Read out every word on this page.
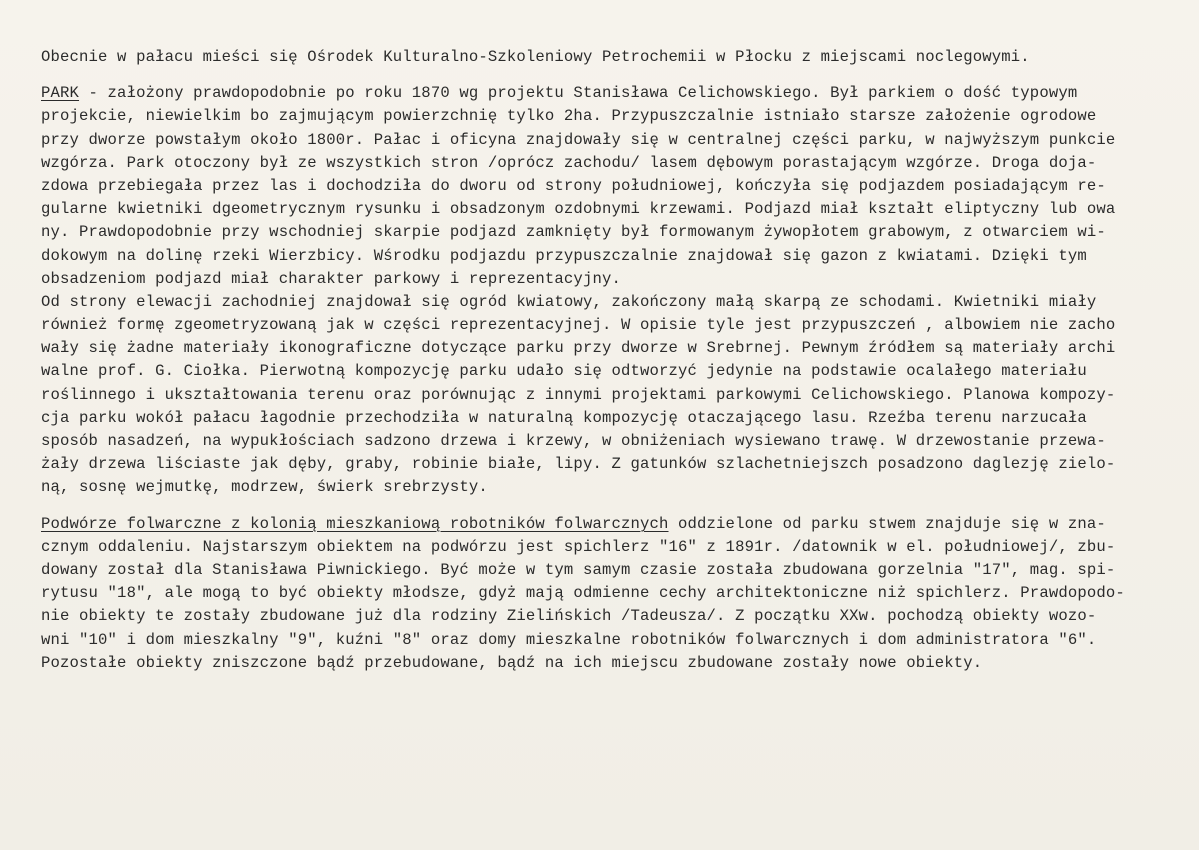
Obecnie w pałacu mieści się Ośrodek Kulturalno-Szkoleniowy Petrochemii w Płocku z miejscami noclegowymi.
PARK - założony prawdopodobnie po roku 1870 wg projektu Stanisława Celichowskiego. Był parkiem o dość typowym
projekcie, niewielkim bo zajmującym powierzchnię tylko 2ha. Przypuszczalnie istniało starsze założenie ogrodowe
przy dworze powstałym około 1800r. Pałac i oficyna znajdowały się w centralnej części parku, w najwyższym punkcie
wzgórza. Park otoczony był ze wszystkich stron /oprócz zachodu/ lasem dębowym porastającym wzgórze. Droga doja-
zdowa przebiegała przez las i dochodziła do dworu od strony południowej, kończyła się podjazdem posiadającym re-
gularne kwietniki dgeometrycznym rysunku i obsadzonym ozdobnymi krzewami. Podjazd miał kształt eliptyczny lub owa
ny. Prawdopodobnie przy wschodniej skarpie podjazd zamknięty był formowanym żywopłotem grabowym, z otwarciem wi-
dokowym na dolinę rzeki Wierzbicy. Wśrodku podjazdu przypuszczalnie znajdował się gazon z kwiatami. Dzięki tym
obsadzeniom podjazd miał charakter parkowy i reprezentacyjny.
Od strony elewacji zachodniej znajdował się ogród kwiatowy, zakończony małą skarpą ze schodami. Kwietniki miały
również formę zgeometryzowaną jak w części reprezentacyjnej. W opisie tyle jest przypuszczeń , albowiem nie zacho
wały się żadne materiały ikonograficzne dotyczące parku przy dworze w Srebrnej. Pewnym źródłem są materiały archi
walne prof. G. Ciołka. Pierwotną kompozycję parku udało się odtworzyć jedynie na podstawie ocalałego materiału
roślinnego i ukształtowania terenu oraz porównując z innymi projektami parkowymi Celichowskiego. Planowa kompozy-
cja parku wokół pałacu łagodnie przechodziła w naturalną kompozycję otaczającego lasu. Rzeźba terenu narzucała
sposób nasadzeń, na wypukłościach sadzono drzewa i krzewy, w obniżeniach wysiewano trawę. W drzewostanie przewa-
żały drzewa liściaste jak dęby, graby, robinie białe, lipy. Z gatunków szlachetniejszch posadzono daglezję zielo-
ną, sosnę wejmutkę, modrzew, świerk srebrzysty.
Podwórze folwarczne z kolonią mieszkaniową robotników folwarcznych oddzielone od parku stwem znajduje się w zna-
cznym oddaleniu. Najstarszym obiektem na podwórzu jest spichlerz "16" z 1891r. /datownik w el. południowej/, zbu-
dowany został dla Stanisława Piwnickiego. Być może w tym samym czasie została zbudowana gorzelnia "17", mag. spi-
rytusu "18", ale mogą to być obiekty młodsze, gdyż mają odmienne cechy architektoniczne niż spichlerz. Prawdopodo-
nie obiekty te zostały zbudowane już dla rodziny Zielińskich /Tadeusza/. Z początku XXw. pochodzą obiekty wozo-
wni "10" i dom mieszkalny "9", kuźni "8" oraz domy mieszkalne robotników folwarcznych i dom administratora "6".
Pozostałe obiekty zniszczone bądź przebudowane, bądź na ich miejscu zbudowane zostały nowe obiekty.
